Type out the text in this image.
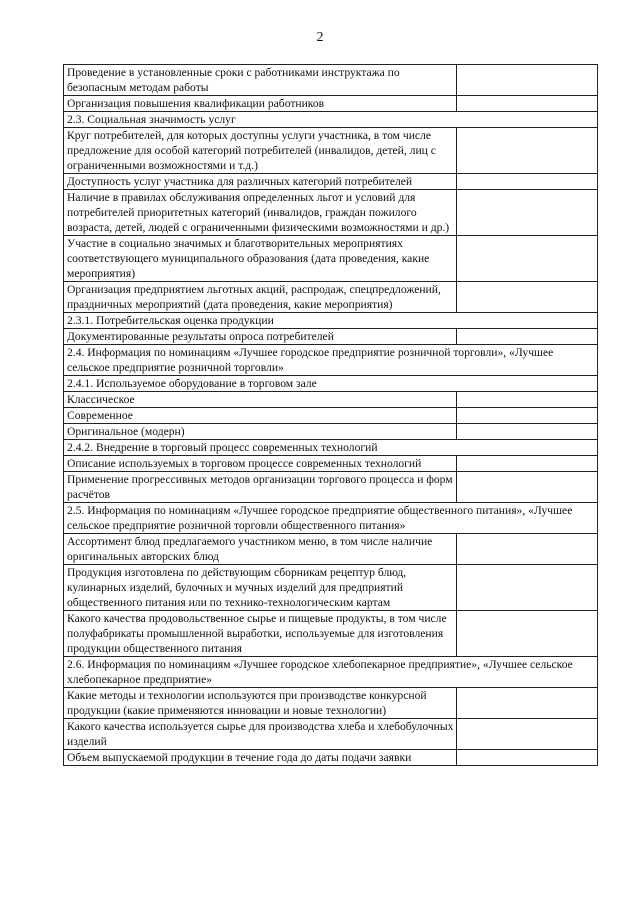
2
Проведение в установленные сроки с работниками инструктажа по безопасным методам работы	
Организация повышения квалификации работников	
2.3. Социальная значимость услуг	
Круг потребителей, для которых доступны услуги участника, в том числе предложение для особой категорий потребителей (инвалидов, детей, лиц с ограниченными возможностями и т.д.)	
Доступность услуг участника для различных категорий потребителей	
Наличие в правилах обслуживания определенных льгот и условий для потребителей приоритетных категорий (инвалидов, граждан пожилого возраста, детей, людей с ограниченными физическими возможностями и др.)	
Участие в социально значимых и благотворительных мероприятиях соответствующего муниципального образования (дата проведения, какие мероприятия)	
Организация предприятием льготных акций, распродаж, спецпредложений, праздничных мероприятий (дата проведения, какие мероприятия)	
2.3.1. Потребительская оценка продукции	
Документированные результаты опроса потребителей	
2.4. Информация по номинациям «Лучшее городское предприятие розничной торговли», «Лучшее сельское предприятие розничной торговли»	
2.4.1. Используемое оборудование в торговом зале	
Классическое	
Современное	
Оригинальное (модерн)	
2.4.2. Внедрение в торговый процесс современных технологий	
Описание используемых в торговом процессе современных технологий	
Применение прогрессивных методов организации торгового процесса и форм расчётов	
2.5. Информация по номинациям «Лучшее городское предприятие общественного питания», «Лучшее сельское предприятие розничной торговли общественного питания»	
Ассортимент блюд предлагаемого участником меню, в том числе наличие оригинальных авторских блюд	
Продукция изготовлена по действующим сборникам рецептур блюд, кулинарных изделий, булочных и мучных изделий для предприятий общественного питания или по технико-технологическим картам	
Какого качества продовольственное сырье и пищевые продукты, в том числе полуфабрикаты промышленной выработки, используемые для изготовления продукции общественного питания	
2.6. Информация по номинациям «Лучшее городское хлебопекарное предприятие», «Лучшее сельское хлебопекарное предприятие»	
Какие методы и технологии используются при производстве конкурсной продукции (какие применяются инновации и новые технологии)	
Какого качества используется сырье для производства хлеба и хлебобулочных изделий	
Объем выпускаемой продукции в течение года до даты подачи заявки	
